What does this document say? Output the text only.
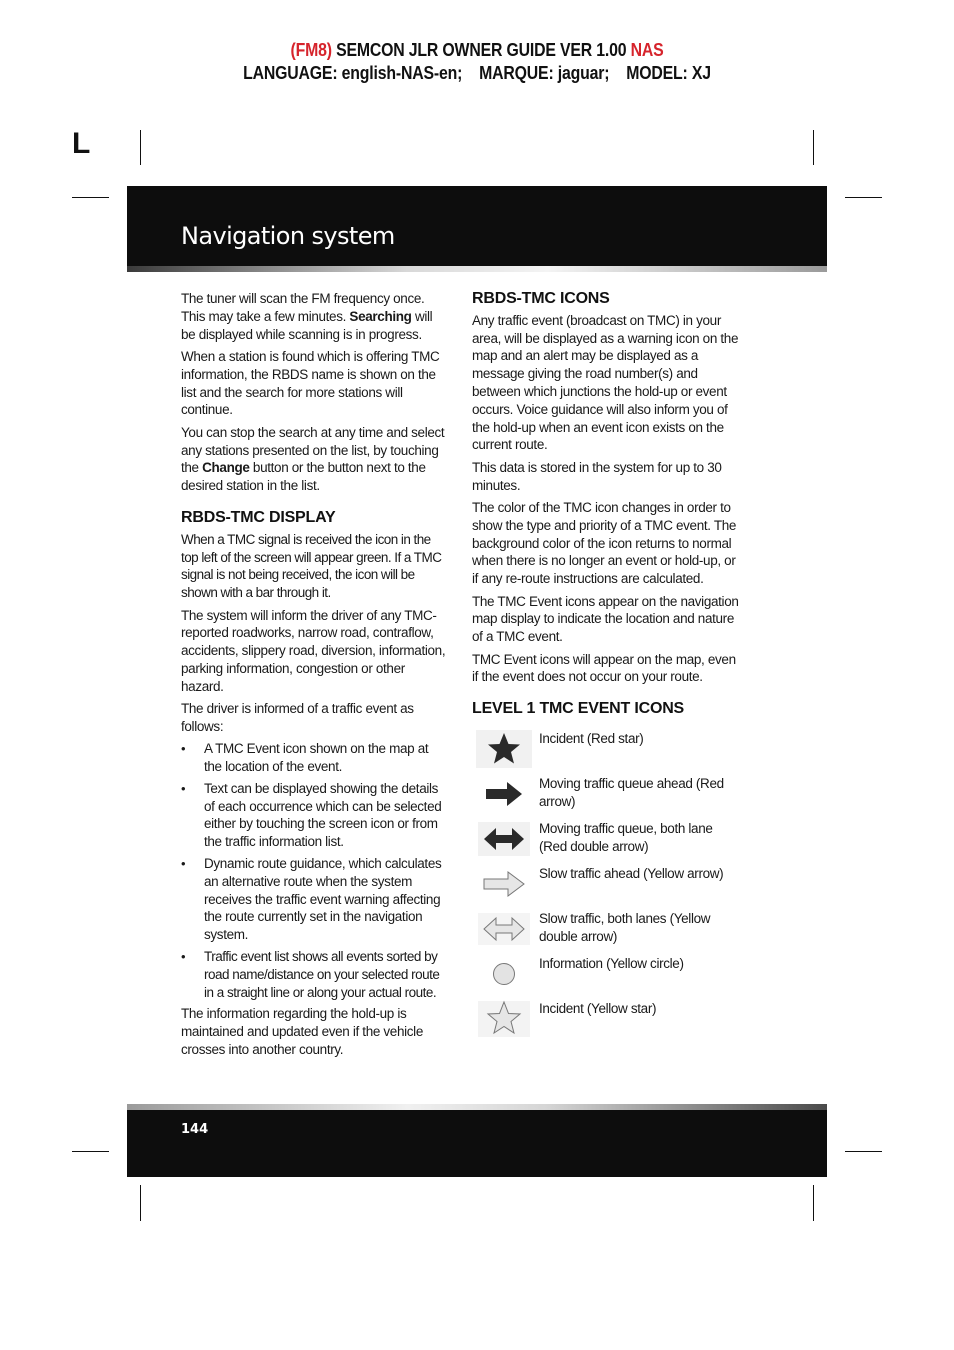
(FM8) SEMCON JLR OWNER GUIDE VER 1.00 NAS
LANGUAGE: english-NAS-en;    MARQUE: jaguar;    MODEL: XJ
L
Navigation system

The tuner will scan the FM frequency once. This may take a few minutes. Searching will be displayed while scanning is in progress.

When a station is found which is offering TMC information, the RBDS name is shown on the list and the search for more stations will continue.

You can stop the search at any time and select any stations presented on the list, by touching the Change button or the button next to the desired station in the list.

RBDS-TMC DISPLAY

When a TMC signal is received the icon in the top left of the screen will appear green. If a TMC signal is not being received, the icon will be shown with a bar through it.

The system will inform the driver of any TMC-reported roadworks, narrow road, contraflow, accidents, slippery road, diversion, information, parking information, congestion or other hazard.

The driver is informed of a traffic event as follows:

• A TMC Event icon shown on the map at the location of the event.
• Text can be displayed showing the details of each occurrence which can be selected either by touching the screen icon or from the traffic information list.
• Dynamic route guidance, which calculates an alternative route when the system receives the traffic event warning affecting the route currently set in the navigation system.
• Traffic event list shows all events sorted by road name/distance on your selected route in a straight line or along your actual route.

The information regarding the hold-up is maintained and updated even if the vehicle crosses into another country.

RBDS-TMC ICONS

Any traffic event (broadcast on TMC) in your area, will be displayed as a warning icon on the map and an alert may be displayed as a message giving the road number(s) and between which junctions the hold-up or event occurs. Voice guidance will also inform you of the hold-up when an event icon exists on the current route.

This data is stored in the system for up to 30 minutes.

The color of the TMC icon changes in order to show the type and priority of a TMC event. The background color of the icon returns to normal when there is no longer an event or hold-up, or if any re-route instructions are calculated.

The TMC Event icons appear on the navigation map display to indicate the location and nature of a TMC event.

TMC Event icons will appear on the map, even if the event does not occur on your route.

LEVEL 1 TMC EVENT ICONS
Incident (Red star)
Moving traffic queue ahead (Red arrow)
Moving traffic queue, both lane (Red double arrow)
Slow traffic ahead (Yellow arrow)
Slow traffic, both lanes (Yellow double arrow)
Information (Yellow circle)
Incident (Yellow star)
144
